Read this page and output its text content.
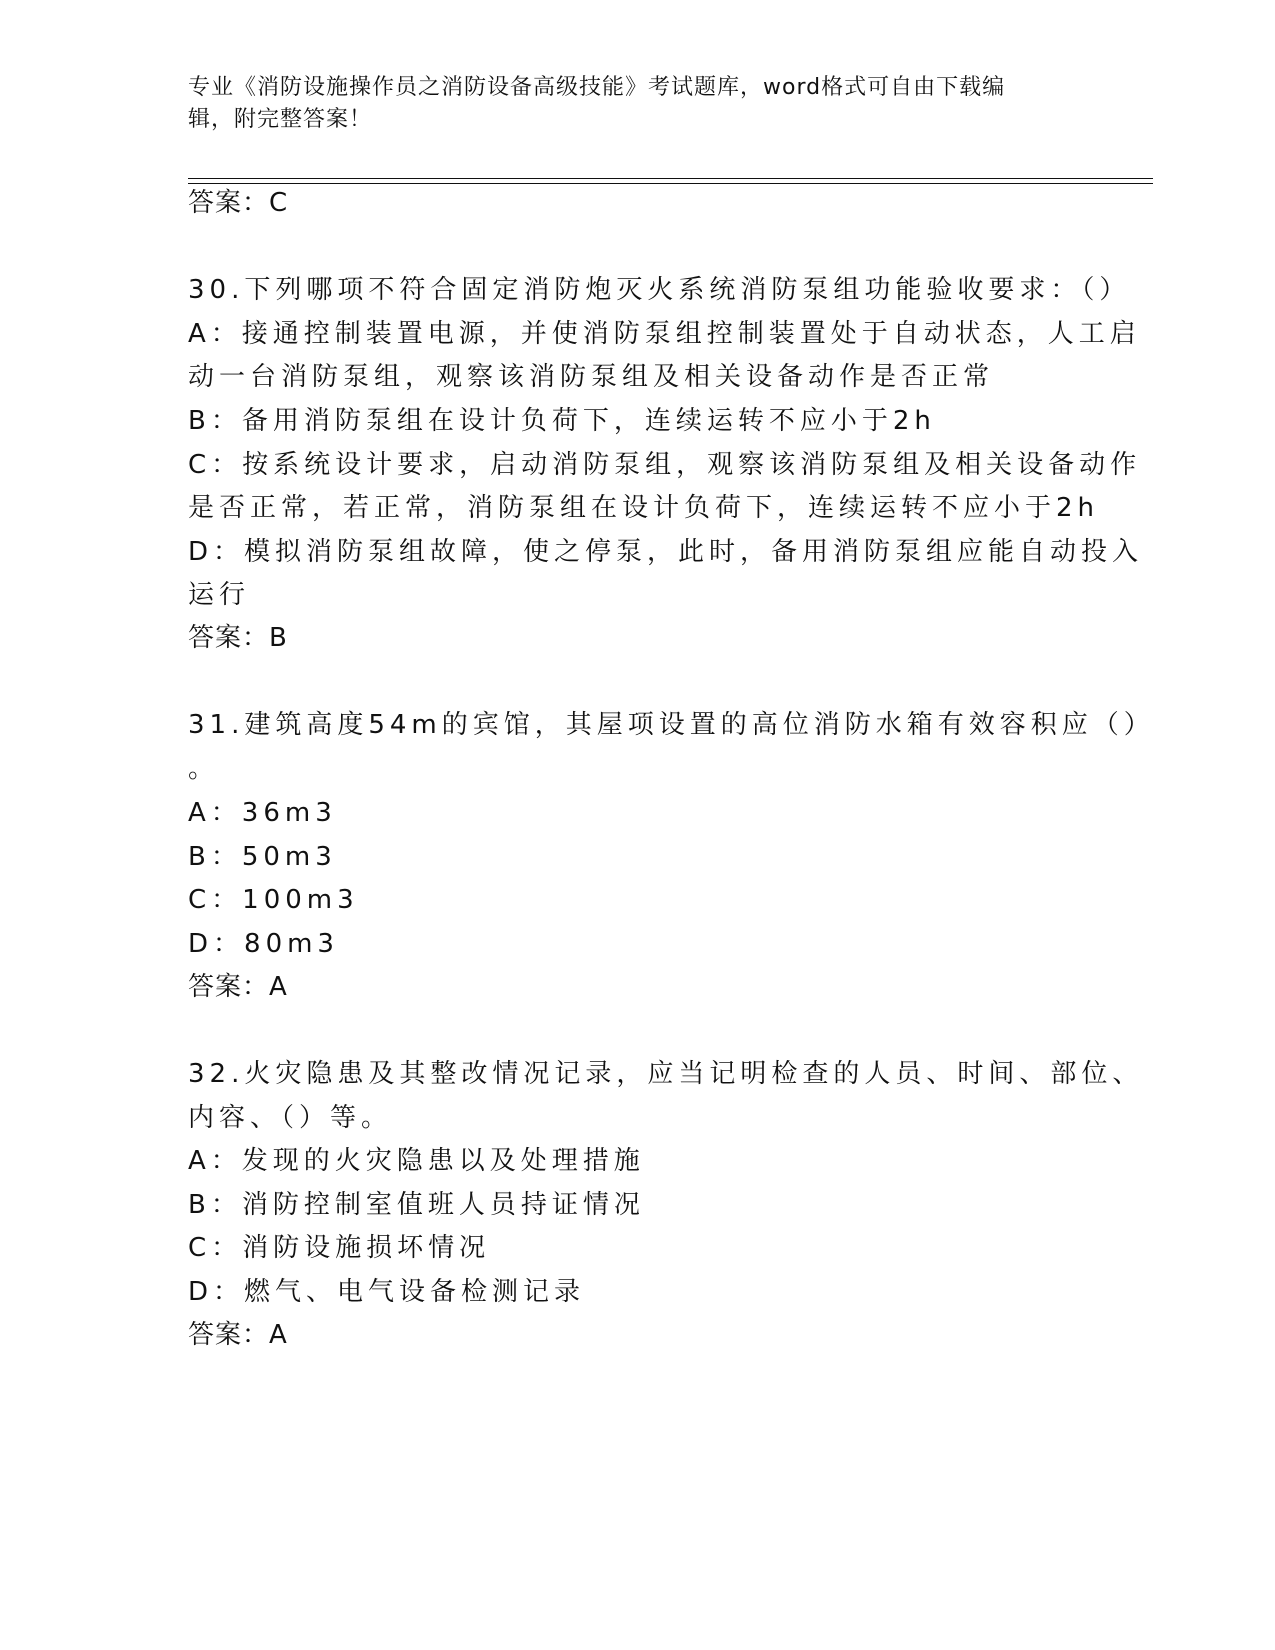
专业《消防设施操作员之消防设备高级技能》考试题库，word格式可自由下载编
辑，附完整答案！
答案：C
30.下列哪项不符合固定消防炮灭火系统消防泵组功能验收要求：（）
A：接通控制装置电源，并使消防泵组控制装置处于自动状态，人工启
动一台消防泵组，观察该消防泵组及相关设备动作是否正常
B：备用消防泵组在设计负荷下，连续运转不应小于2h
C：按系统设计要求，启动消防泵组，观察该消防泵组及相关设备动作
是否正常，若正常，消防泵组在设计负荷下，连续运转不应小于2h
D：模拟消防泵组故障，使之停泵，此时，备用消防泵组应能自动投入
运行
答案：B
31.建筑高度54m的宾馆，其屋项设置的高位消防水箱有效容积应（）
。
A：36m3
B：50m3
C：100m3
D：80m3
答案：A
32.火灾隐患及其整改情况记录，应当记明检查的人员、时间、部位、
内容、（）等。
A：发现的火灾隐患以及处理措施
B：消防控制室值班人员持证情况
C：消防设施损坏情况
D：燃气、电气设备检测记录
答案：A
